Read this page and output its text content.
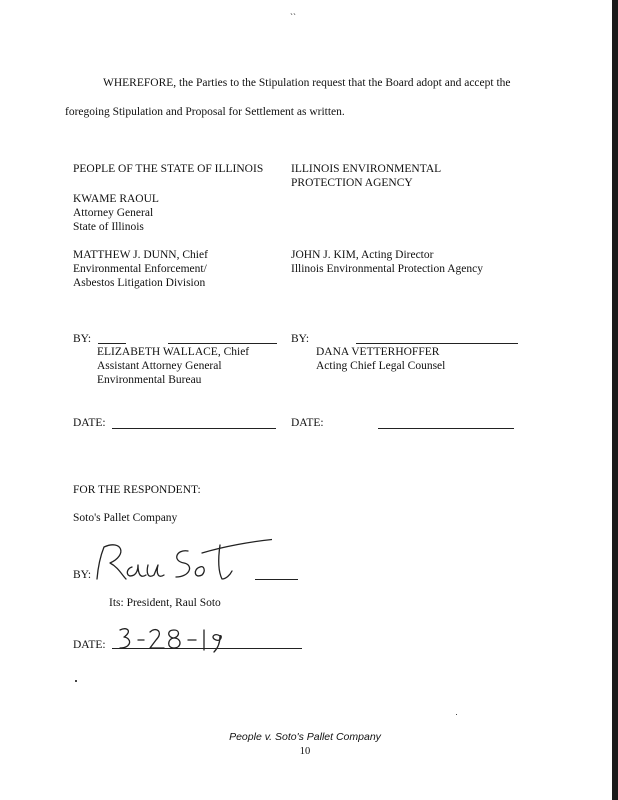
`ˋ
WHEREFORE, the Parties to the Stipulation request that the Board adopt and accept the
foregoing Stipulation and Proposal for Settlement as written.
PEOPLE OF THE STATE OF ILLINOIS
KWAME RAOUL
Attorney General
State of Illinois
MATTHEW J. DUNN, Chief
Environmental Enforcement/
Asbestos Litigation Division
BY:
ELIZABETH WALLACE, Chief
Assistant Attorney General
Environmental Bureau
DATE:
ILLINOIS ENVIRONMENTAL
PROTECTION AGENCY
JOHN J. KIM, Acting Director
Illinois Environmental Protection Agency
BY:
DANA VETTERHOFFER
Acting Chief Legal Counsel
DATE:
FOR THE RESPONDENT:
Soto's Pallet Company
BY:
Its: President, Raul Soto
DATE:
People v. Soto's Pallet Company
10
